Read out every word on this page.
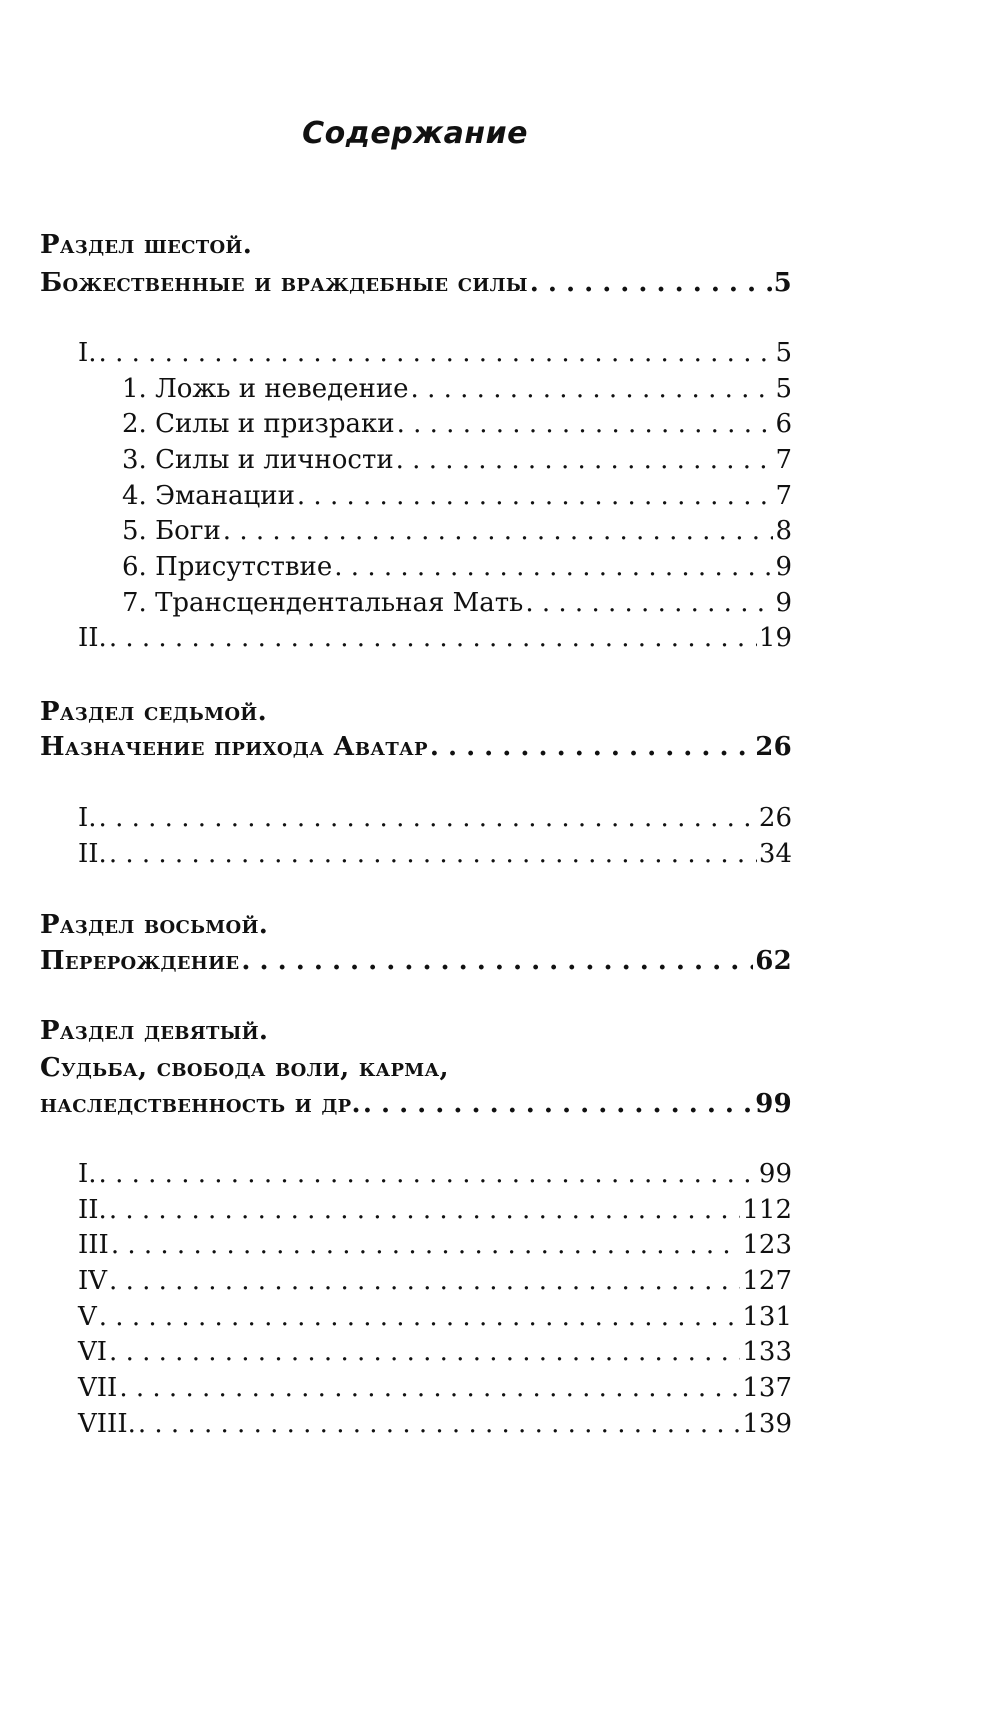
Содержание
Раздел шестой.
Божественные и враждебные силы . . .	5
I. . . .	5
1. Ложь и неведение . . .	5
2. Силы и призраки . . .	6
3. Силы и личности . . .	7
4. Эманации . . .	7
5. Боги . . .	8
6. Присутствие . . .	9
7. Трансцендентальная Мать . . .	9
II. . . .	19
Раздел седьмой.
Назначение прихода Аватар . . .	26
I. . . .	26
II. . . .	34
Раздел восьмой.
Перерождение . . .	62
Раздел девятый.
Судьба, свобода воли, карма,
наследственность и др. . . .	99
I. . . .	99
II. . . .	112
III . . .	123
IV . . .	127
V . . .	131
VI . . .	133
VII . . .	137
VIII. . . .	139
